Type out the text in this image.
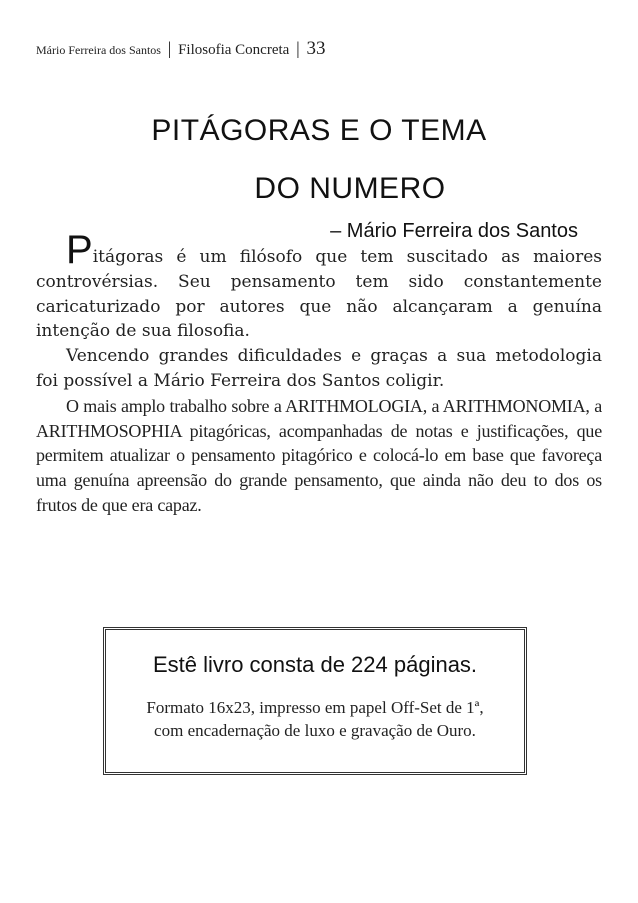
Mário Ferreira dos Santos | Filosofia Concreta | 33
PITÁGORAS E O TEMA
DO NUMERO
– Mário Ferreira dos Santos

Pitágoras é um filósofo que tem suscitado as maiores controvérsias. Seu pensamento tem sido constantemente caricaturizado por autores que não alcançaram a genuína intenção de sua filosofia.

Vencendo grandes dificuldades e graças a sua metodologia foi possível a Mário Ferreira dos Santos coligir.

O mais amplo trabalho sobre a ARITHMOLOGIA, a ARITHMONOMIA, a ARITHMOSOPHIA pitagóricas, acompanhadas de notas e justificações, que permitem atualizar o pensamento pitagórico e colocá-lo em base que favoreça uma genuína apreensão do grande pensamento, que ainda não deu to dos os frutos de que era capaz.

Estê livro consta de 224 páginas.
Formato 16x23, impresso em papel Off-Set de 1ª,
com encadernação de luxo e gravação de Ouro.
